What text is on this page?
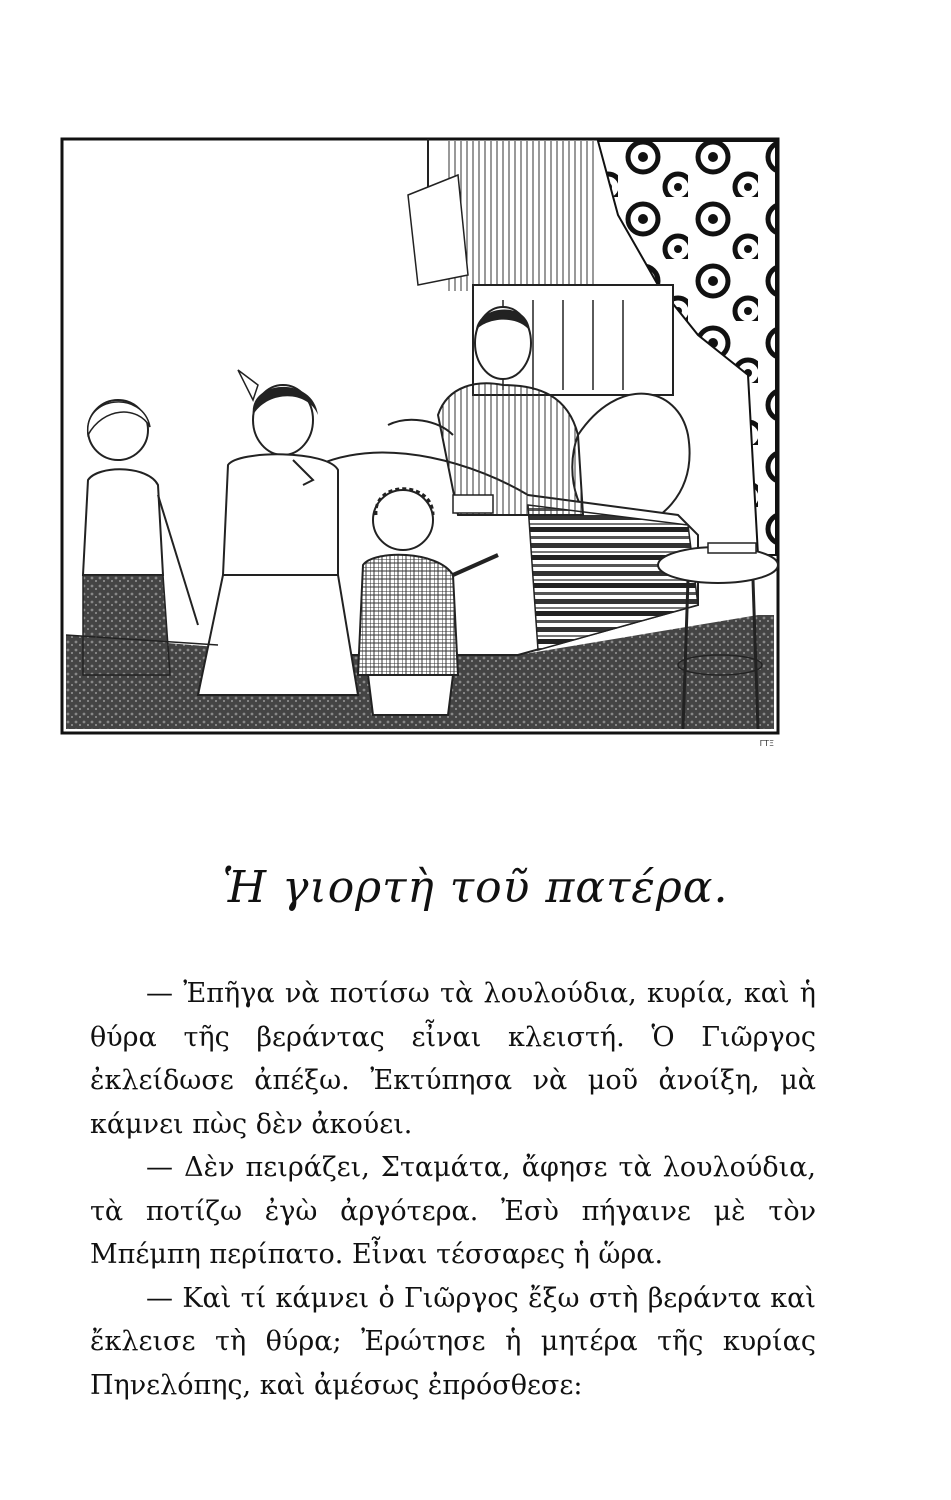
ΓΤΞ
Ἡ γιορτὴ τοῦ πατέρα.

— Ἐπῆγα νὰ ποτίσω τὰ λουλούδια, κυρία, καὶ ἡ θύρα τῆς βεράντας εἶναι κλειστή. Ὁ Γιῶργος ἐκλείδωσε ἀπέξω. Ἐκτύπησα νὰ μοῦ ἀνοίξη, μὰ κάμνει πὼς δὲν ἀκούει.

— Δὲν πειράζει, Σταμάτα, ἄφησε τὰ λουλούδια, τὰ ποτίζω ἐγὼ ἀργότερα. Ἐσὺ πήγαινε μὲ τὸν Μπέμπη περίπατο. Εἶναι τέσσαρες ἡ ὥρα.

— Καὶ τί κάμνει ὁ Γιῶργος ἔξω στὴ βεράντα καὶ ἔκλεισε τὴ θύρα; Ἐρώτησε ἡ μητέρα τῆς κυρίας Πηνελόπης, καὶ ἀμέσως ἐπρόσθεσε:
